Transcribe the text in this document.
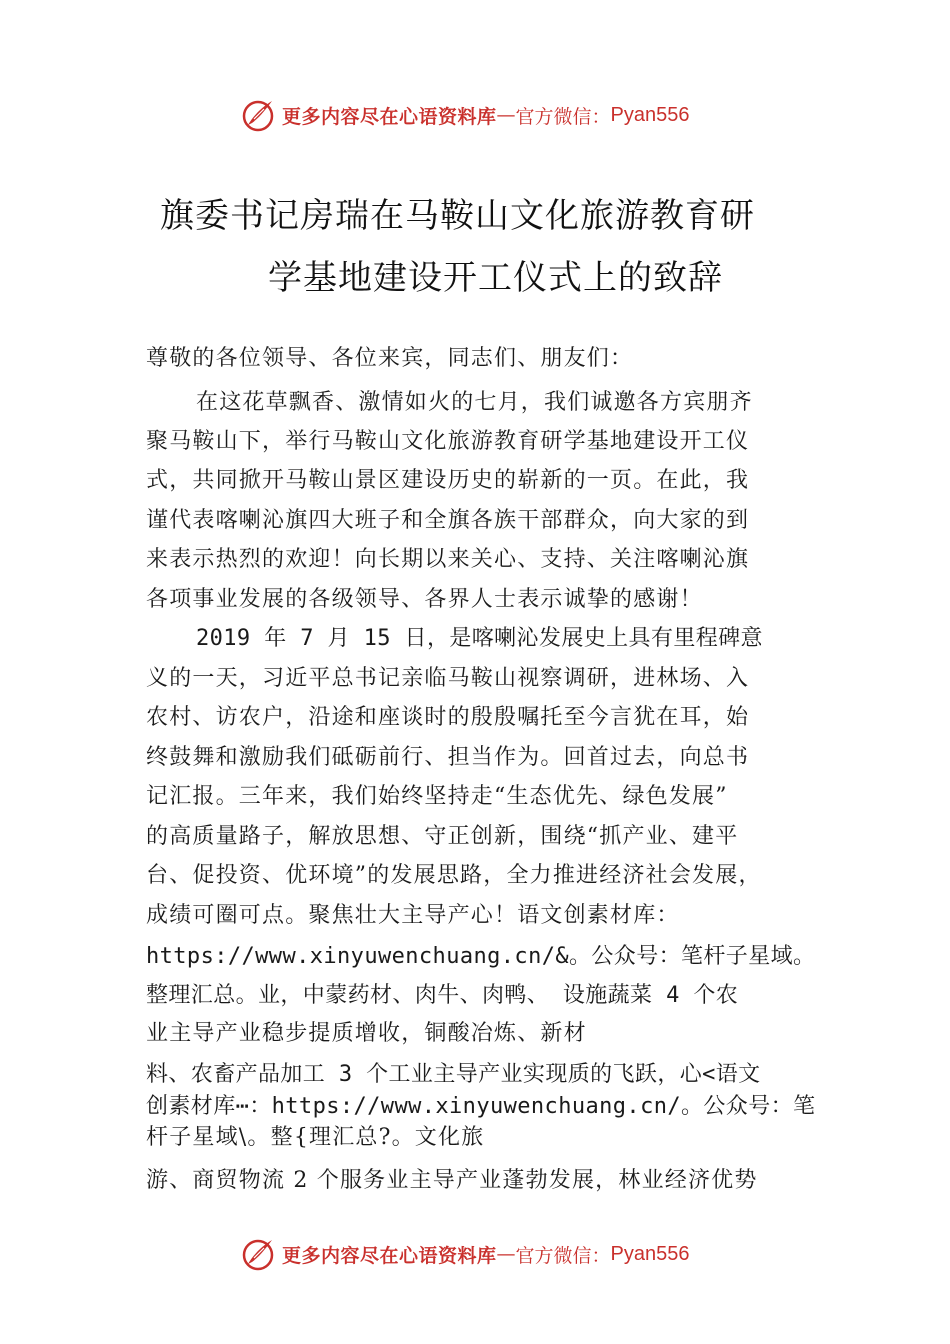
更多内容尽在心语资料库 — 官方微信： Pyan556
旗委书记房瑞在马鞍山文化旅游教育研
学基地建设开工仪式上的致辞
尊敬的各位领导、各位来宾，同志们、朋友们：
在这花草飘香、激情如火的七月，我们诚邀各方宾朋齐
聚马鞍山下，举行马鞍山文化旅游教育研学基地建设开工仪
式，共同掀开马鞍山景区建设历史的崭新的一页。在此，我
谨代表喀喇沁旗四大班子和全旗各族干部群众，向大家的到
来表示热烈的欢迎！向长期以来关心、支持、关注喀喇沁旗
各项事业发展的各级领导、各界人士表示诚挚的感谢！
2019 年 7 月 15 日，是喀喇沁发展史上具有里程碑意
义的一天，习近平总书记亲临马鞍山视察调研，进林场、入
农村、访农户，沿途和座谈时的殷殷嘱托至今言犹在耳，始
终鼓舞和激励我们砥砺前行、担当作为。回首过去，向总书
记汇报。三年来，我们始终坚持走“生态优先、绿色发展”
的高质量路子，解放思想、守正创新，围绕“抓产业、建平
台、促投资、优环境”的发展思路，全力推进经济社会发展，
成绩可圈可点。聚焦壮大主导产心！语文创素材库：
https://www.xinyuwenchuang.cn/&。公众号：笔杆子星域。
整理汇总。业，中蒙药材、肉牛、肉鸭、 设施蔬菜 4 个农
业主导产业稳步提质增收，铜酸冶炼、新材
料、农畜产品加工 3 个工业主导产业实现质的飞跃，心<语文
创素材库⋯：https://www.xinyuwenchuang.cn/。公众号：笔
杆子星域\。整{理汇总?。文化旅
游、商贸物流 2 个服务业主导产业蓬勃发展，林业经济优势
更多内容尽在心语资料库 — 官方微信： Pyan556
